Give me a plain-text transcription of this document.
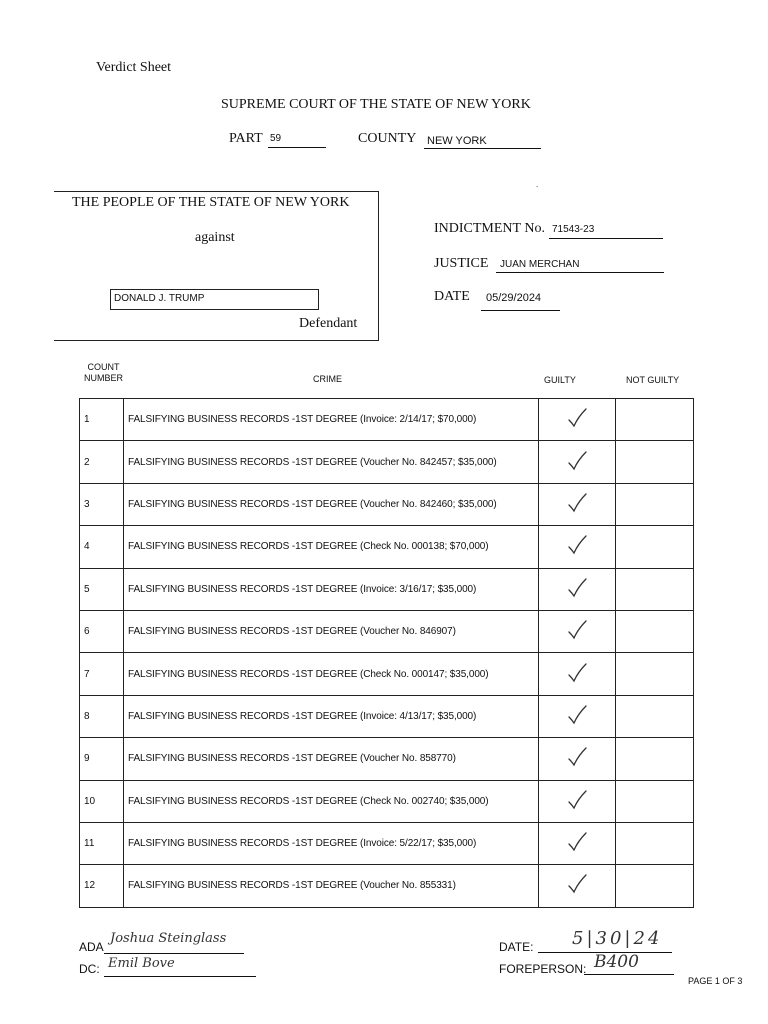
Verdict Sheet
SUPREME COURT OF THE STATE OF NEW YORK
PART 59	COUNTY NEW YORK
THE PEOPLE OF THE STATE OF NEW YORK
against
DONALD J. TRUMP
Defendant
INDICTMENT No. 71543-23
JUSTICE JUAN MERCHAN
DATE 05/29/2024
.
COUNT
NUMBER	CRIME	GUILTY	NOT GUILTY
1	FALSIFYING BUSINESS RECORDS -1ST DEGREE (Invoice: 2/14/17; $70,000)		
2	FALSIFYING BUSINESS RECORDS -1ST DEGREE (Voucher No. 842457; $35,000)		
3	FALSIFYING BUSINESS RECORDS -1ST DEGREE (Voucher No. 842460; $35,000)		
4	FALSIFYING BUSINESS RECORDS -1ST DEGREE (Check No. 000138; $70,000)		
5	FALSIFYING BUSINESS RECORDS -1ST DEGREE (Invoice: 3/16/17; $35,000)		
6	FALSIFYING BUSINESS RECORDS -1ST DEGREE (Voucher No. 846907)		
7	FALSIFYING BUSINESS RECORDS -1ST DEGREE (Check No. 000147; $35,000)		
8	FALSIFYING BUSINESS RECORDS -1ST DEGREE (Invoice: 4/13/17; $35,000)		
9	FALSIFYING BUSINESS RECORDS -1ST DEGREE (Voucher No. 858770)		
10	FALSIFYING BUSINESS RECORDS -1ST DEGREE (Check No. 002740; $35,000)		
11	FALSIFYING BUSINESS RECORDS -1ST DEGREE (Invoice: 5/22/17; $35,000)		
12	FALSIFYING BUSINESS RECORDS -1ST DEGREE (Voucher No. 855331)		
ADA
Joshua Steinglass
DC: Emil Bove
DATE: 5|30|24
FOREPERSON: B400
PAGE 1 OF 3
